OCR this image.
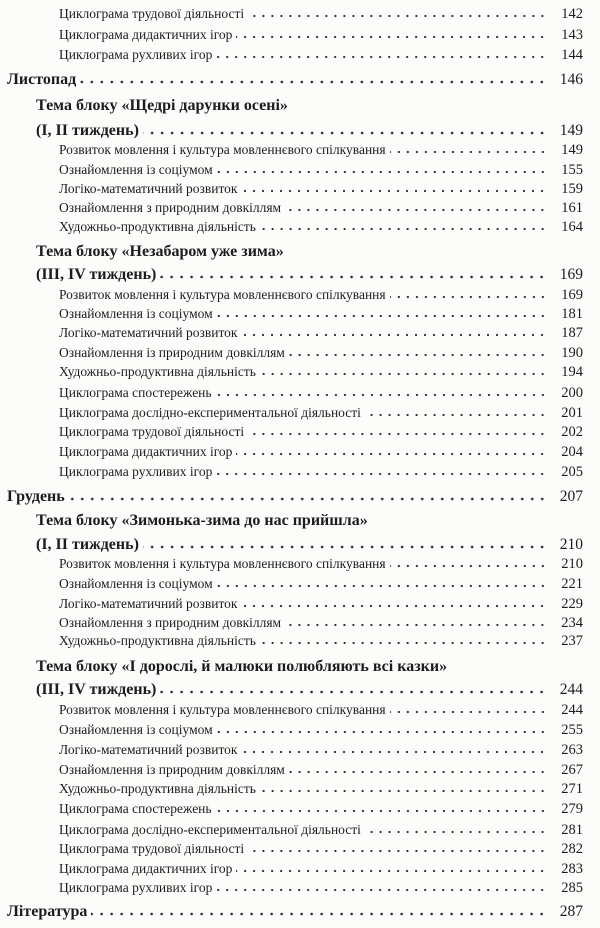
Циклограма трудової діяльності	142
Циклограма дидактичних ігор	143
Циклограма рухливих ігор	144
Листопад	146
Тема блоку «Щедрі дарунки осені»
(I, II тиждень)	149
Розвиток мовлення і культура мовленнєвого спілкування	149
Ознайомлення із соціумом	155
Логіко-математичний розвиток	159
Ознайомлення з природним довкіллям	161
Художньо-продуктивна діяльність	164
Тема блоку «Незабаром уже зима»
(III, IV тиждень)	169
Розвиток мовлення і культура мовленнєвого спілкування	169
Ознайомлення із соціумом	181
Логіко-математичний розвиток	187
Ознайомлення із природним довкіллям	190
Художньо-продуктивна діяльність	194
Циклограма спостережень	200
Циклограма дослідно-експериментальної діяльності	201
Циклограма трудової діяльності	202
Циклограма дидактичних ігор	204
Циклограма рухливих ігор	205
Грудень	207
Тема блоку «Зимонька-зима до нас прийшла»
(I, II тиждень)	210
Розвиток мовлення і культура мовленнєвого спілкування	210
Ознайомлення із соціумом	221
Логіко-математичний розвиток	229
Ознайомлення з природним довкіллям	234
Художньо-продуктивна діяльність	237
Тема блоку «І дорослі, й малюки полюбляють всі казки»
(III, IV тиждень)	244
Розвиток мовлення і культура мовленнєвого спілкування	244
Ознайомлення із соціумом	255
Логіко-математичний розвиток	263
Ознайомлення із природним довкіллям	267
Художньо-продуктивна діяльність	271
Циклограма спостережень	279
Циклограма дослідно-експериментальної діяльності	281
Циклограма трудової діяльності	282
Циклограма дидактичних ігор	283
Циклограма рухливих ігор	285
Література	287
